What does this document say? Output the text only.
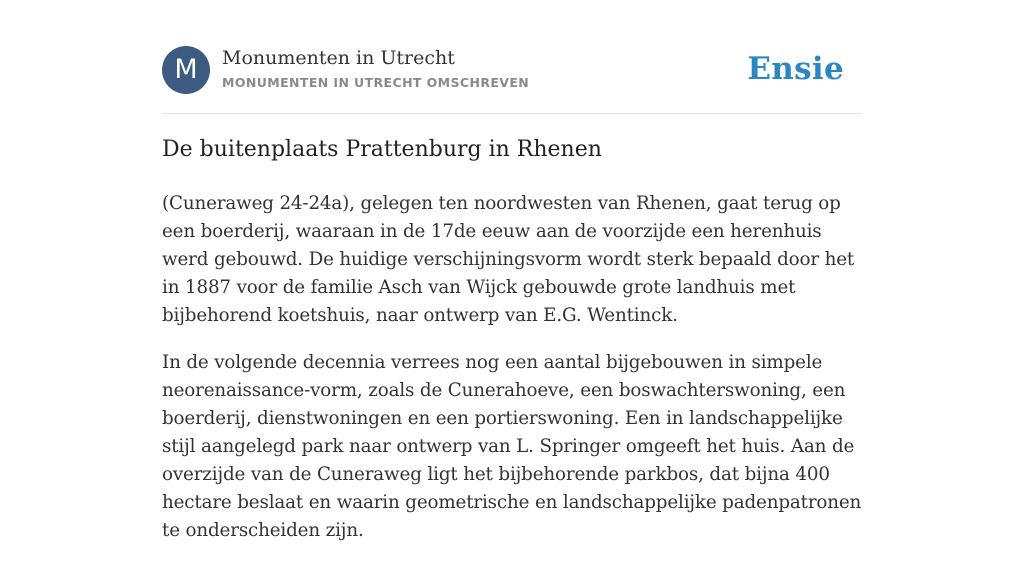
M	Monumenten in Utrecht
MONUMENTEN IN UTRECHT OMSCHREVEN	Ensie
De buitenplaats Prattenburg in Rhenen

(Cuneraweg 24-24a), gelegen ten noordwesten van Rhenen, gaat terug op een boerderij, waaraan in de 17de eeuw aan de voorzijde een herenhuis werd gebouwd. De huidige verschijningsvorm wordt sterk bepaald door het in 1887 voor de familie Asch van Wijck gebouwde grote landhuis met bijbehorend koetshuis, naar ontwerp van E.G. Wentinck.

In de volgende decennia verrees nog een aantal bijgebouwen in simpele neorenaissance-vorm, zoals de Cunerahoeve, een boswachterswoning, een boerderij, dienstwoningen en een portierswoning. Een in landschappelijke stijl aangelegd park naar ontwerp van L. Springer omgeeft het huis. Aan de overzijde van de Cuneraweg ligt het bijbehorende parkbos, dat bijna 400 hectare beslaat en waarin geometrische en landschappelijke padenpatronen te onderscheiden zijn.
